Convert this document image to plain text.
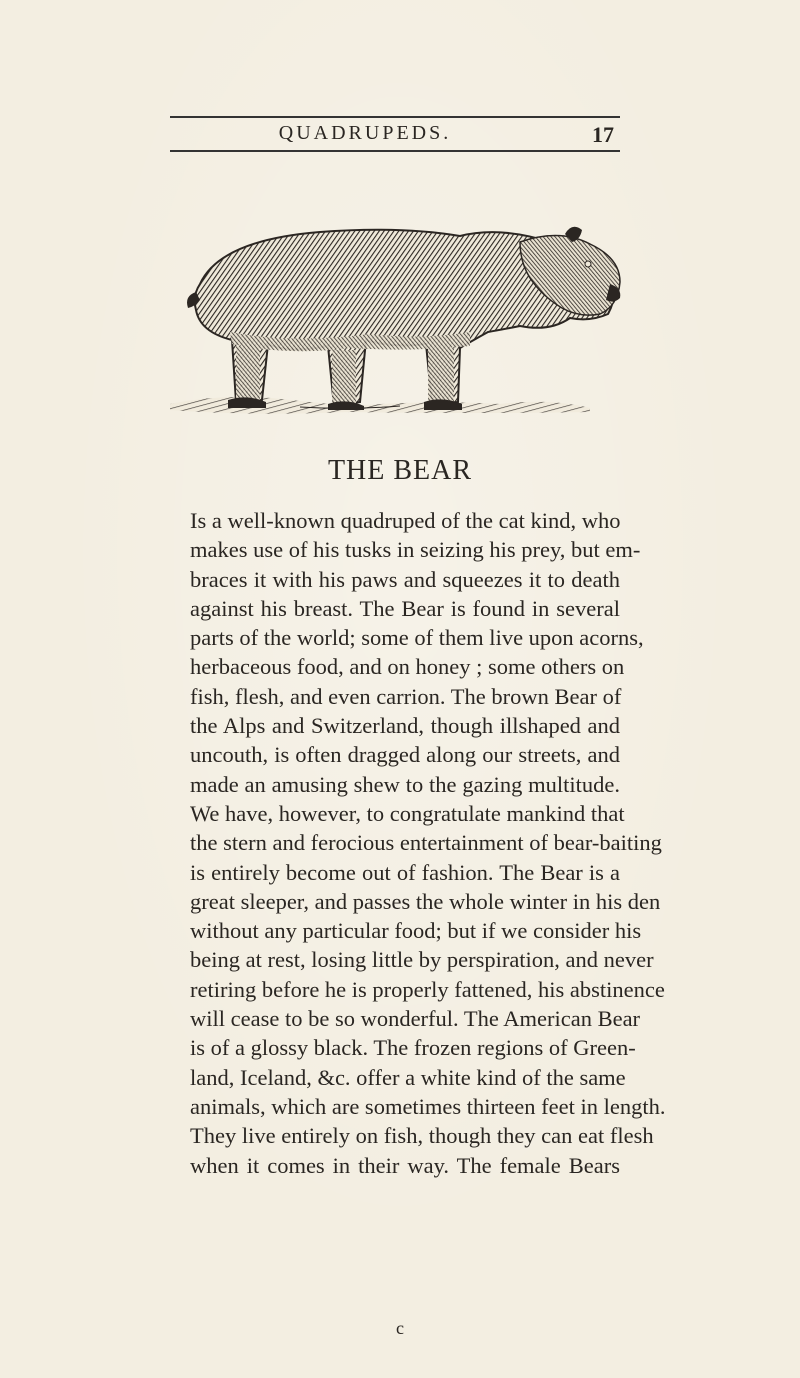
QUADRUPEDS.	17
THE BEAR
Is a well-known quadruped of the cat kind, who
makes use of his tusks in seizing his prey, but em-
braces it with his paws and squeezes it to death
against his breast. The Bear is found in several
parts of the world; some of them live upon acorns,
herbaceous food, and on honey ; some others on
fish, flesh, and even carrion. The brown Bear of
the Alps and Switzerland, though illshaped and
uncouth, is often dragged along our streets, and
made an amusing shew to the gazing multitude.
We have, however, to congratulate mankind that
the stern and ferocious entertainment of bear-baiting
is entirely become out of fashion. The Bear is a
great sleeper, and passes the whole winter in his den
without any particular food; but if we consider his
being at rest, losing little by perspiration, and never
retiring before he is properly fattened, his abstinence
will cease to be so wonderful. The American Bear
is of a glossy black. The frozen regions of Green-
land, Iceland, &c. offer a white kind of the same
animals, which are sometimes thirteen feet in length.
They live entirely on fish, though they can eat flesh
when it comes in their way. The female Bears
c
